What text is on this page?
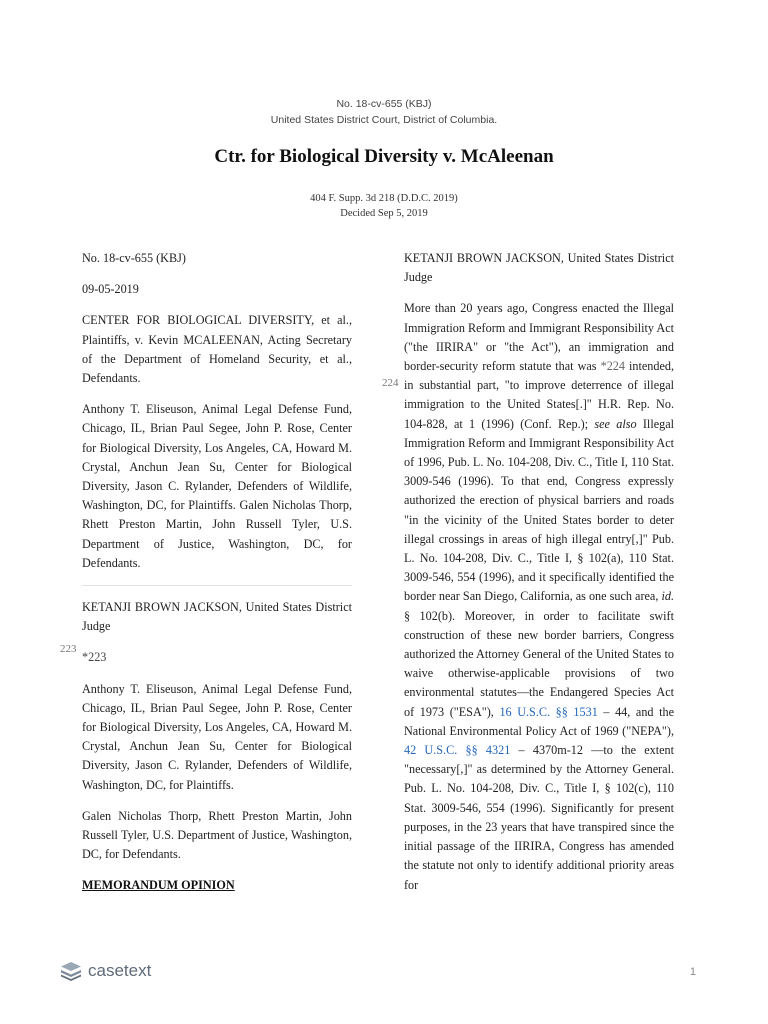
No. 18-cv-655 (KBJ)
United States District Court, District of Columbia.
Ctr. for Biological Diversity v. McAleenan
404 F. Supp. 3d 218 (D.D.C. 2019)
Decided Sep 5, 2019

No. 18-cv-655 (KBJ)

09-05-2019

CENTER FOR BIOLOGICAL DIVERSITY, et al., Plaintiffs, v. Kevin MCALEENAN, Acting Secretary of the Department of Homeland Security, et al., Defendants.

Anthony T. Eliseuson, Animal Legal Defense Fund, Chicago, IL, Brian Paul Segee, John P. Rose, Center for Biological Diversity, Los Angeles, CA, Howard M. Crystal, Anchun Jean Su, Center for Biological Diversity, Jason C. Rylander, Defenders of Wildlife, Washington, DC, for Plaintiffs. Galen Nicholas Thorp, Rhett Preston Martin, John Russell Tyler, U.S. Department of Justice, Washington, DC, for Defendants.

KETANJI BROWN JACKSON, United States District Judge

*223

Anthony T. Eliseuson, Animal Legal Defense Fund, Chicago, IL, Brian Paul Segee, John P. Rose, Center for Biological Diversity, Los Angeles, CA, Howard M. Crystal, Anchun Jean Su, Center for Biological Diversity, Jason C. Rylander, Defenders of Wildlife, Washington, DC, for Plaintiffs.

Galen Nicholas Thorp, Rhett Preston Martin, John Russell Tyler, U.S. Department of Justice, Washington, DC, for Defendants.

MEMORANDUM OPINION

223

KETANJI BROWN JACKSON, United States District Judge

More than 20 years ago, Congress enacted the Illegal Immigration Reform and Immigrant Responsibility Act ("the IIRIRA" or "the Act"), an immigration and border-security reform statute that was *224 intended, in substantial part, "to improve deterrence of illegal immigration to the United States[.]" H.R. Rep. No. 104-828, at 1 (1996) (Conf. Rep.); see also Illegal Immigration Reform and Immigrant Responsibility Act of 1996, Pub. L. No. 104-208, Div. C., Title I, 110 Stat. 3009-546 (1996). To that end, Congress expressly authorized the erection of physical barriers and roads "in the vicinity of the United States border to deter illegal crossings in areas of high illegal entry[,]" Pub. L. No. 104-208, Div. C., Title I, § 102(a), 110 Stat. 3009-546, 554 (1996), and it specifically identified the border near San Diego, California, as one such area, id. § 102(b). Moreover, in order to facilitate swift construction of these new border barriers, Congress authorized the Attorney General of the United States to waive otherwise-applicable provisions of two environmental statutes—the Endangered Species Act of 1973 ("ESA"), 16 U.S.C. §§ 1531 – 44, and the National Environmental Policy Act of 1969 ("NEPA"), 42 U.S.C. §§ 4321 – 4370m-12 —to the extent "necessary[,]" as determined by the Attorney General. Pub. L. No. 104-208, Div. C., Title I, § 102(c), 110 Stat. 3009-546, 554 (1996). Significantly for present purposes, in the 23 years that have transpired since the initial passage of the IIRIRA, Congress has amended the statute not only to identify additional priority areas for

224
casetext	1
